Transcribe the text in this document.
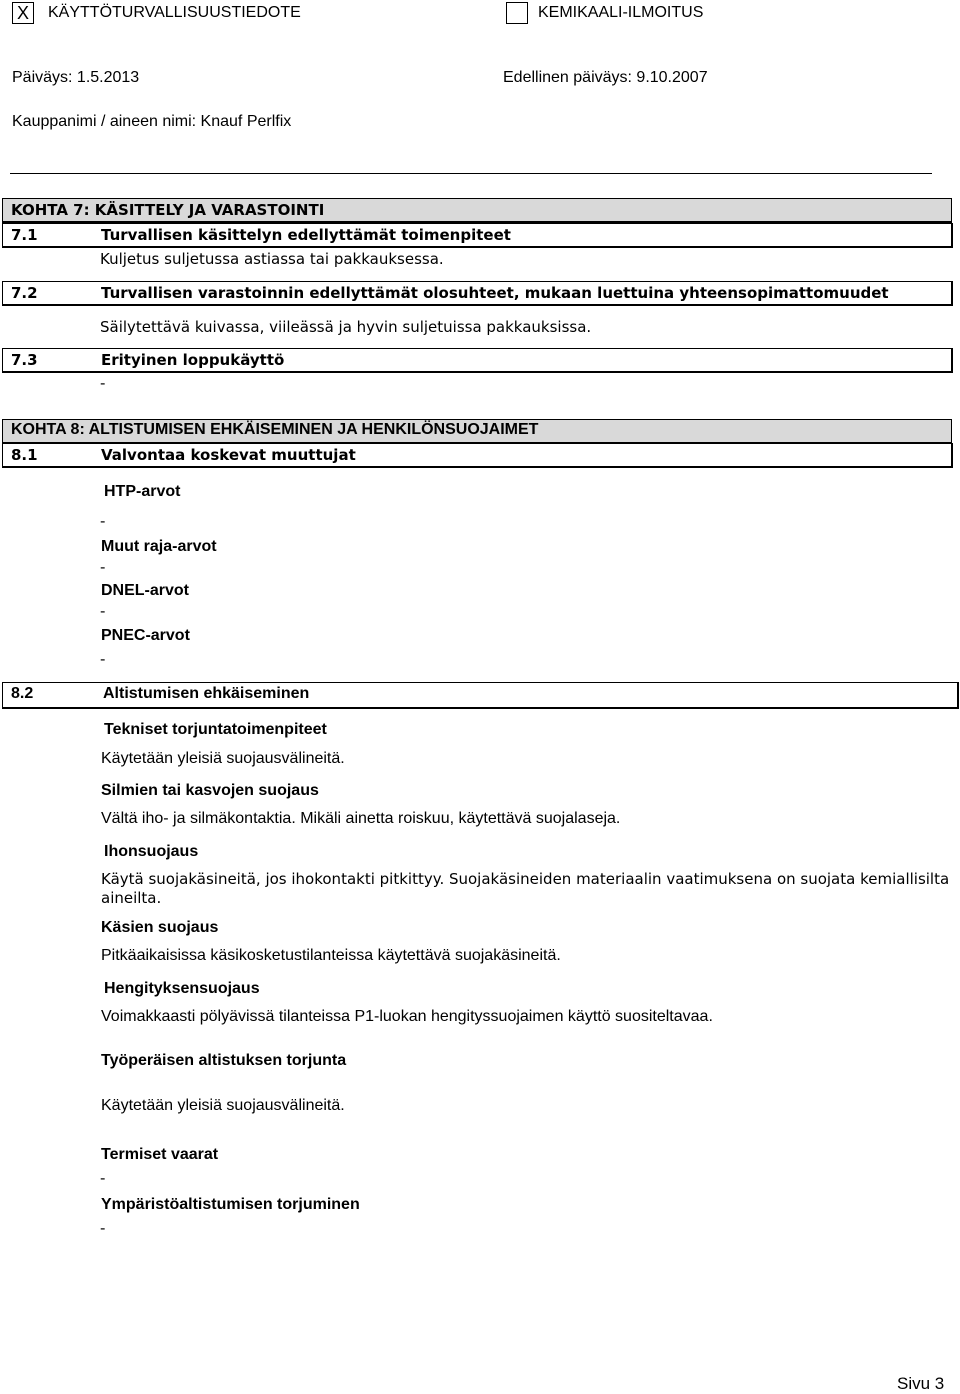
X	KÄYTTÖTURVALLISUUSTIEDOTE	KEMIKAALI-ILMOITUS
Päiväys: 1.5.2013	Edellinen päiväys: 9.10.2007
Kauppanimi / aineen nimi: Knauf Perlfix
KOHTA 7: KÄSITTELY JA VARASTOINTI
7.1	Turvallisen käsittelyn edellyttämät toimenpiteet
Kuljetus suljetussa astiassa tai pakkauksessa.
7.2	Turvallisen varastoinnin edellyttämät olosuhteet, mukaan luettuina yhteensopimattomuudet
Säilytettävä kuivassa, viileässä ja hyvin suljetuissa pakkauksissa.
7.3	Erityinen loppukäyttö
-
KOHTA 8: ALTISTUMISEN EHKÄISEMINEN JA HENKILÖNSUOJAIMET
8.1	Valvontaa koskevat muuttujat
HTP-arvot
-
Muut raja-arvot
-
DNEL-arvot
-
PNEC-arvot
-
8.2	Altistumisen ehkäiseminen
Tekniset torjuntatoimenpiteet
Käytetään yleisiä suojausvälineitä.
Silmien tai kasvojen suojaus
Vältä iho- ja silmäkontaktia. Mikäli ainetta roiskuu, käytettävä suojalaseja.
Ihonsuojaus
Käytä suojakäsineitä, jos ihokontakti pitkittyy. Suojakäsineiden materiaalin vaatimuksena on suojata kemiallisilta
aineilta.
Käsien suojaus
Pitkäaikaisissa käsikosketustilanteissa käytettävä suojakäsineitä.
Hengityksensuojaus
Voimakkaasti pölyävissä tilanteissa P1-luokan hengityssuojaimen käyttö suositeltavaa.
Työperäisen altistuksen torjunta
Käytetään yleisiä suojausvälineitä.
Termiset vaarat
-
Ympäristöaltistumisen torjuminen
-
Sivu 3
